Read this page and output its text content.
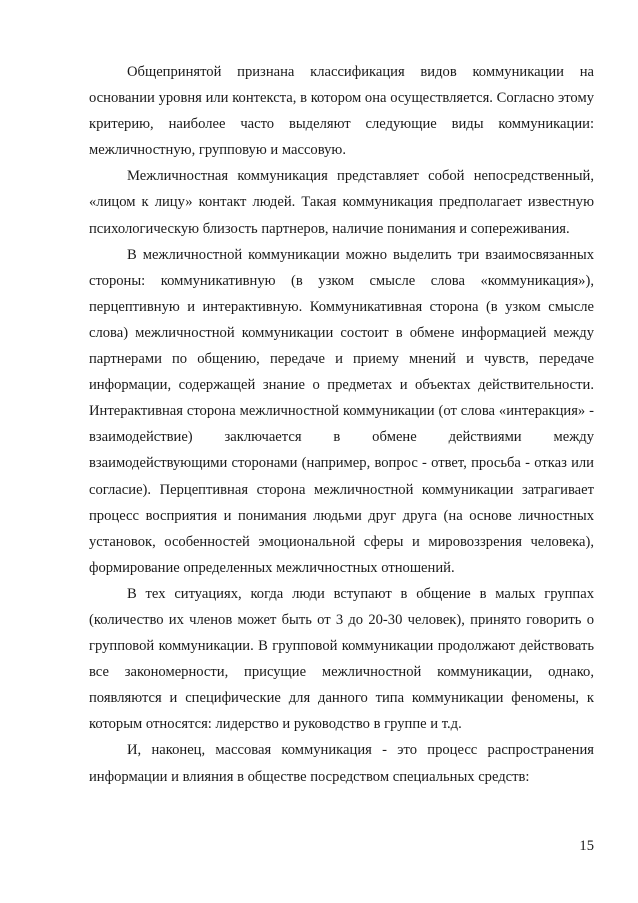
Общепринятой признана классификация видов коммуникации на основании уровня или контекста, в котором она осуществляется. Согласно этому критерию, наиболее часто выделяют следующие виды коммуникации: межличностную, групповую и массовую.

Межличностная коммуникация представляет собой непосредственный, «лицом к лицу» контакт людей. Такая коммуникация предполагает известную психологическую близость партнеров, наличие понимания и сопереживания.

В межличностной коммуникации можно выделить три взаимосвязанных стороны: коммуникативную (в узком смысле слова «коммуникация»), перцептивную и интерактивную. Коммуникативная сторона (в узком смысле слова) межличностной коммуникации состоит в обмене информацией между партнерами по общению, передаче и приему мнений и чувств, передаче информации, содержащей знание о предметах и объектах действительности. Интерактивная сторона межличностной коммуникации (от слова «интеракция» - взаимодействие) заключается в обмене действиями между взаимодействующими сторонами (например, вопрос - ответ, просьба - отказ или согласие). Перцептивная сторона межличностной коммуникации затрагивает процесс восприятия и понимания людьми друг друга (на основе личностных установок, особенностей эмоциональной сферы и мировоззрения человека), формирование определенных межличностных отношений.

В тех ситуациях, когда люди вступают в общение в малых группах (количество их членов может быть от 3 до 20-30 человек), принято говорить о групповой коммуникации. В групповой коммуникации продолжают действовать все закономерности, присущие межличностной коммуникации, однако, появляются и специфические для данного типа коммуникации феномены, к которым относятся: лидерство и руководство в группе и т.д.

И, наконец, массовая коммуникация - это процесс распространения информации и влияния в обществе посредством специальных средств:

15
